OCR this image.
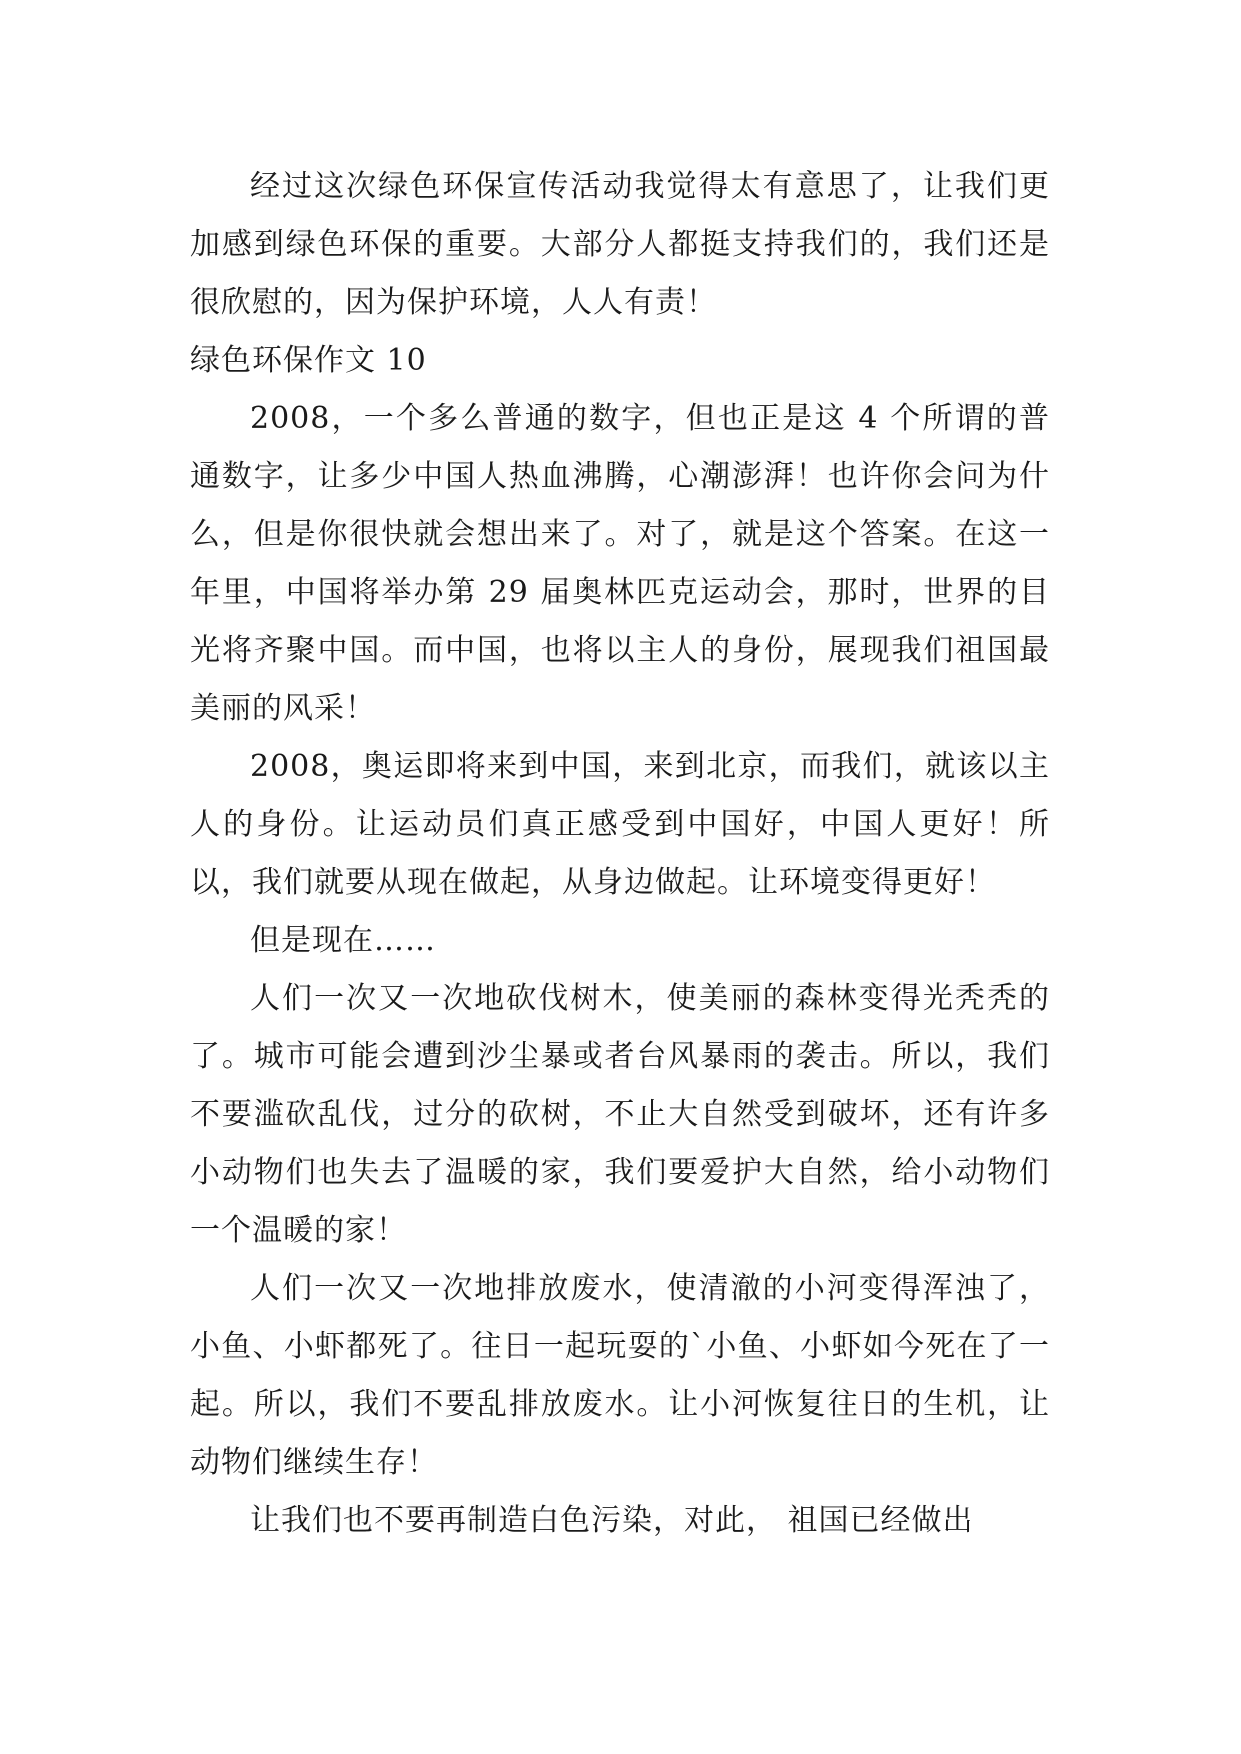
经过这次绿色环保宣传活动我觉得太有意思了，让我们更加感到绿色环保的重要。大部分人都挺支持我们的，我们还是很欣慰的，因为保护环境，人人有责！

绿色环保作文 10

2008，一个多么普通的数字，但也正是这 4 个所谓的普通数字，让多少中国人热血沸腾，心潮澎湃！也许你会问为什么，但是你很快就会想出来了。对了，就是这个答案。在这一年里，中国将举办第 29 届奥林匹克运动会，那时，世界的目光将齐聚中国。而中国，也将以主人的身份，展现我们祖国最美丽的风采！

2008，奥运即将来到中国，来到北京，而我们，就该以主人的身份。让运动员们真正感受到中国好，中国人更好！所以，我们就要从现在做起，从身边做起。让环境变得更好！

但是现在……

人们一次又一次地砍伐树木，使美丽的森林变得光秃秃的了。城市可能会遭到沙尘暴或者台风暴雨的袭击。所以，我们不要滥砍乱伐，过分的砍树，不止大自然受到破坏，还有许多小动物们也失去了温暖的家，我们要爱护大自然，给小动物们一个温暖的家！

人们一次又一次地排放废水，使清澈的小河变得浑浊了，小鱼、小虾都死了。往日一起玩耍的`小鱼、小虾如今死在了一起。所以，我们不要乱排放废水。让小河恢复往日的生机，让动物们继续生存！

让我们也不要再制造白色污染，对此， 祖国已经做出
